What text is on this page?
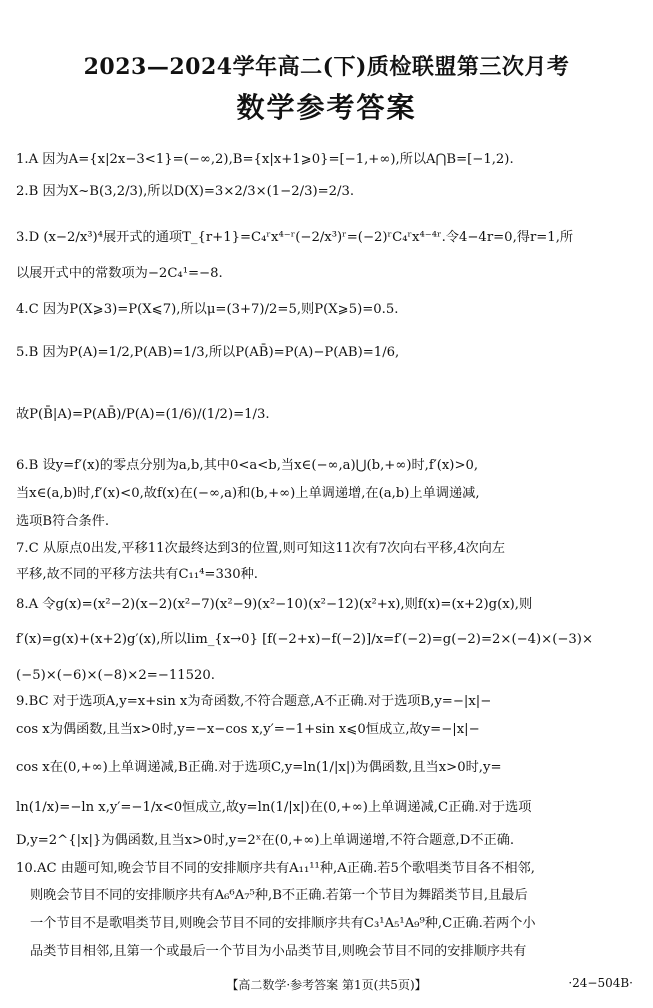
2023—2024学年高二(下)质检联盟第三次月考
数学参考答案
1.A 因为A={x|2x−3<1}=(−∞,2),B={x|x+1⩾0}=[−1,+∞),所以A⋂B=[−1,2).
2.B 因为X~B(3,2/3),所以D(X)=3×2/3×(1−2/3)=2/3.
3.D (x−2/x³)⁴展开式的通项T_{r+1}=C₄ʳx⁴⁻ʳ(−2/x³)ʳ=(−2)ʳC₄ʳx⁴⁻⁴ʳ.令4−4r=0,得r=1,所
以展开式中的常数项为−2C₄¹=−8.
4.C 因为P(X⩾3)=P(X⩽7),所以μ=(3+7)/2=5,则P(X⩾5)=0.5.
5.B 因为P(A)=1/2,P(AB)=1/3,所以P(AB̄)=P(A)−P(AB)=1/6,
故P(B̄|A)=P(AB̄)/P(A)=(1/6)/(1/2)=1/3.
6.B 设y=f′(x)的零点分别为a,b,其中0<a<b,当x∈(−∞,a)⋃(b,+∞)时,f′(x)>0,
当x∈(a,b)时,f′(x)<0,故f(x)在(−∞,a)和(b,+∞)上单调递增,在(a,b)上单调递减,
选项B符合条件.
7.C 从原点0出发,平移11次最终达到3的位置,则可知这11次有7次向右平移,4次向左
平移,故不同的平移方法共有C₁₁⁴=330种.
8.A 令g(x)=(x²−2)(x−2)(x²−7)(x²−9)(x²−10)(x²−12)(x²+x),则f(x)=(x+2)g(x),则
f′(x)=g(x)+(x+2)g′(x),所以lim_{x→0} [f(−2+x)−f(−2)]/x=f′(−2)=g(−2)=2×(−4)×(−3)×
(−5)×(−6)×(−8)×2=−11520.
9.BC 对于选项A,y=x+sin x为奇函数,不符合题意,A不正确.对于选项B,y=−|x|−
cos x为偶函数,且当x>0时,y=−x−cos x,y′=−1+sin x⩽0恒成立,故y=−|x|−
cos x在(0,+∞)上单调递减,B正确.对于选项C,y=ln(1/|x|)为偶函数,且当x>0时,y=
ln(1/x)=−ln x,y′=−1/x<0恒成立,故y=ln(1/|x|)在(0,+∞)上单调递减,C正确.对于选项
D,y=2^{|x|}为偶函数,且当x>0时,y=2ˣ在(0,+∞)上单调递增,不符合题意,D不正确.
10.AC 由题可知,晚会节目不同的安排顺序共有A₁₁¹¹种,A正确.若5个歌唱类节目各不相邻,
则晚会节目不同的安排顺序共有A₆⁶A₇⁵种,B不正确.若第一个节目为舞蹈类节目,且最后
一个节目不是歌唱类节目,则晚会节目不同的安排顺序共有C₃¹A₅¹A₉⁹种,C正确.若两个小
品类节目相邻,且第一个或最后一个节目为小品类节目,则晚会节目不同的安排顺序共有
【高二数学·参考答案 第1页(共5页)】	·24−504B·
